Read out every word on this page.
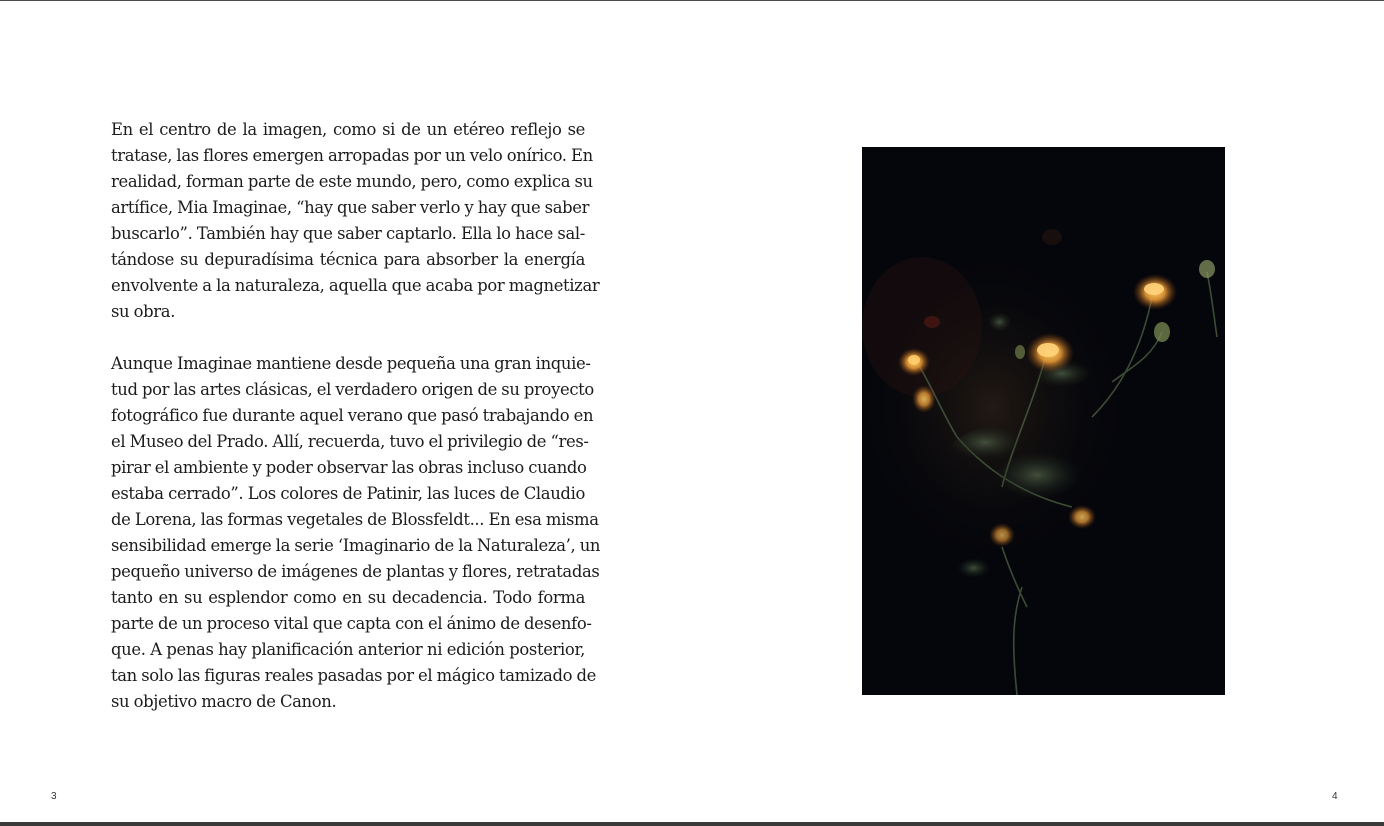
En el centro de la imagen, como si de un etéreo reflejo se
tratase, las flores emergen arropadas por un velo onírico. En
realidad, forman parte de este mundo, pero, como explica su
artífice, Mia Imaginae, “hay que saber verlo y hay que saber
buscarlo”. También hay que saber captarlo. Ella lo hace sal-
tándose su depuradísima técnica para absorber la energía
envolvente a la naturaleza, aquella que acaba por magnetizar
su obra.

Aunque Imaginae mantiene desde pequeña una gran inquie-
tud por las artes clásicas, el verdadero origen de su proyecto
fotográfico fue durante aquel verano que pasó trabajando en
el Museo del Prado. Allí, recuerda, tuvo el privilegio de “res-
pirar el ambiente y poder observar las obras incluso cuando
estaba cerrado”. Los colores de Patinir, las luces de Claudio
de Lorena, las formas vegetales de Blossfeldt... En esa misma
sensibilidad emerge la serie ‘Imaginario de la Naturaleza’, un
pequeño universo de imágenes de plantas y flores, retratadas
tanto en su esplendor como en su decadencia. Todo forma
parte de un proceso vital que capta con el ánimo de desenfo-
que. A penas hay planificación anterior ni edición posterior,
tan solo las figuras reales pasadas por el mágico tamizado de
su objetivo macro de Canon.

3	4
